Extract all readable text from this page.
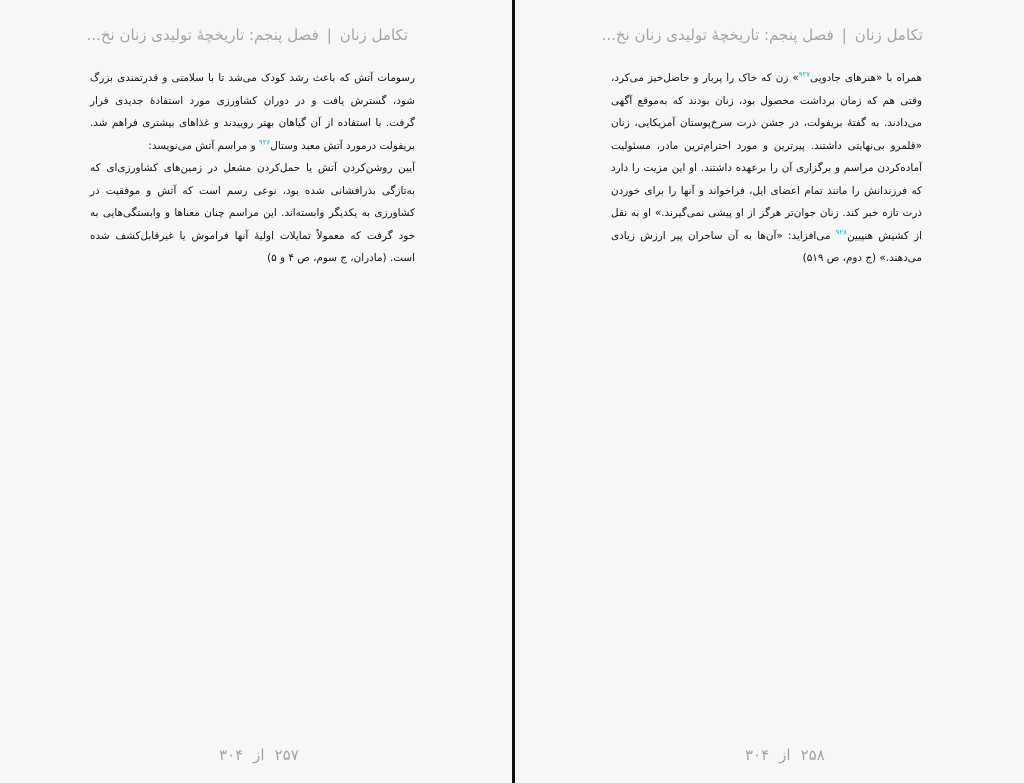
تکامل زنان|فصل پنجم: تاریخچهٔ تولیدی زنان نخ...

رسومات آتش که باعث رشد کودک می‌شد تا با سلامتی و قدرتمندی بزرگ شود، گسترش یافت و در دوران کشاورزی مورد استفادهٔ جدیدی قرار گرفت. با استفاده از آن گیاهان بهتر روییدند و غذاهای بیشتری فراهم شد. بریفولت درمورد آتش معبد وستال$^{۹۲۶}$ و مراسم آتش می‌نویسد:

آیین روشن‌کردن آتش یا حمل‌کردن مشعل در زمین‌های کشاورزی‌ای که به‌تازگی بذرافشانی شده بود، نوعی رسم است که آتش و موفقیت در کشاورزی به یکدیگر وابسته‌اند. این مراسم چنان معناها و وابستگی‌هایی به خود گرفت که معمولاً تمایلات اولیهٔ آنها فراموش یا غیرقابل‌کشف شده است. (مادران، ج سوم، ص ۴ و ۵)

۲۵۷از۳۰۴
تکامل زنان|فصل پنجم: تاریخچهٔ تولیدی زنان نخ...

همراه با «هنرهای جادویی$^{۹۲۷}$» زن که خاک را پربار و حاصل‌خیز می‌کرد، وقتی هم که زمان برداشت محصول بود، زنان بودند که به‌موقع آگهی می‌دادند. به گفتهٔ بریفولت، در جشن ذرت سرخ‌پوستان آمریکایی، زنان «قلمرو بی‌نهایتی داشتند. پیرترین و مورد احترام‌ترین مادر، مسئولیت آماده‌کردن مراسم و برگزاری آن را برعهده داشتند. او این مزیت را دارد که فرزندانش را مانند تمام اعضای ایل، فراخواند و آنها را برای خوردن ذرت تازه خبر کند. زنان جوان‌تر هرگز از او پیشی نمی‌گیرند.» او به نقل از کشیش هنپیین$^{۹۲۸}$ می‌افزاید: «آن‌ها به آن ساحران پیر ارزش زیادی می‌دهند.» (ج دوم، ص ۵۱۹)

۲۵۸از۳۰۴
